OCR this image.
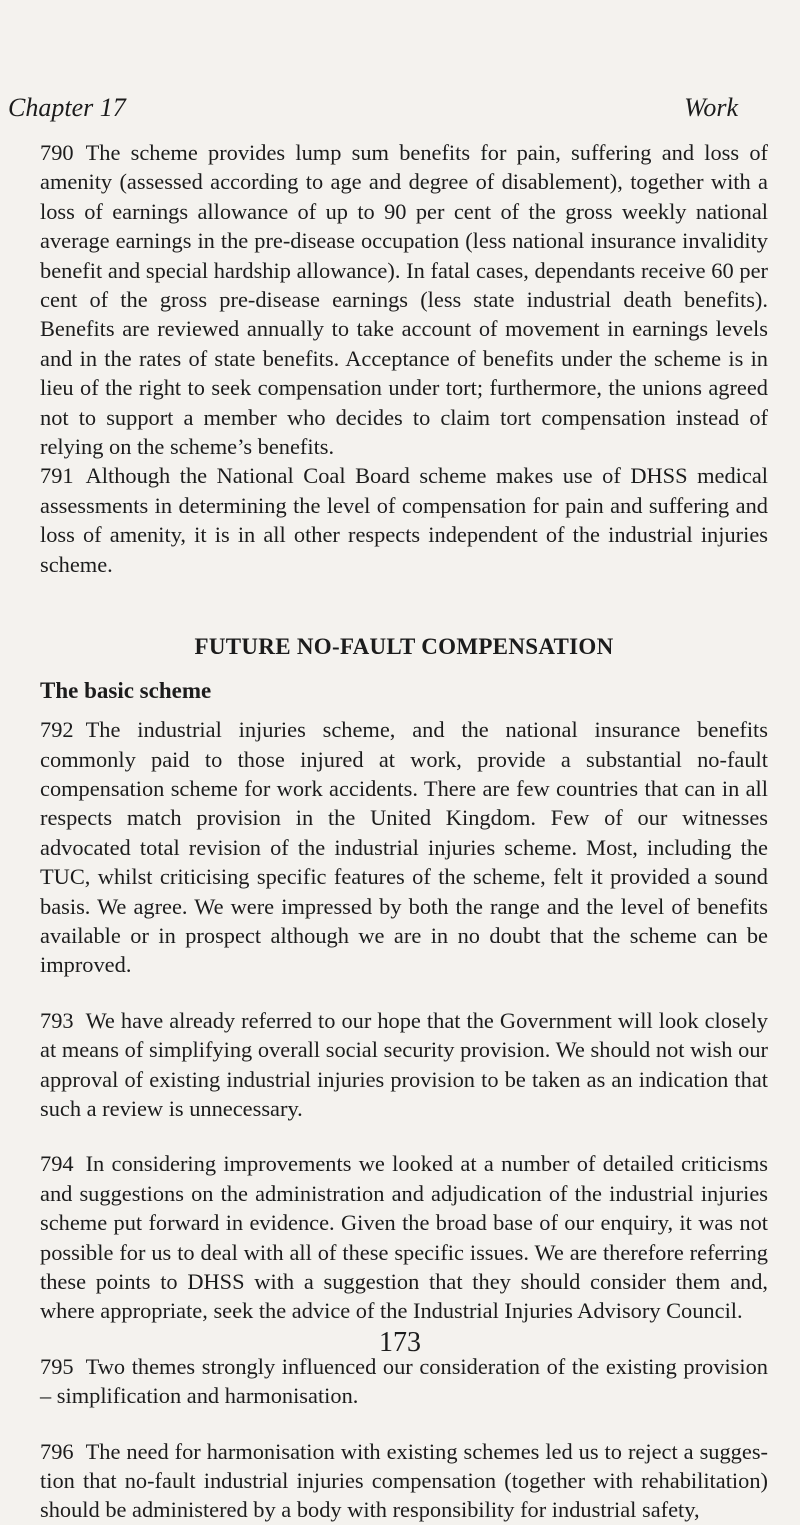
Chapter 17	Work

790 The scheme provides lump sum benefits for pain, suffering and loss of amenity (assessed according to age and degree of disablement), together with a loss of earnings allowance of up to 90 per cent of the gross weekly national average earnings in the pre-disease occupation (less national insurance invalidity benefit and special hardship allowance). In fatal cases, dependants receive 60 per cent of the gross pre-disease earnings (less state industrial death benefits). Benefits are reviewed annually to take account of movement in earnings levels and in the rates of state benefits. Acceptance of benefits under the scheme is in lieu of the right to seek compensation under tort; furthermore, the unions agreed not to support a member who decides to claim tort compensation instead of relying on the scheme’s benefits.

791 Although the National Coal Board scheme makes use of DHSS medical assessments in determining the level of compensation for pain and suffering and loss of amenity, it is in all other respects independent of the industrial injuries scheme.

FUTURE NO-FAULT COMPENSATION
The basic scheme

792 The industrial injuries scheme, and the national insurance benefits commonly paid to those injured at work, provide a substantial no-fault compensation scheme for work accidents. There are few countries that can in all respects match provision in the United Kingdom. Few of our witnesses advocated total revision of the industrial injuries scheme. Most, including the TUC, whilst criticising specific features of the scheme, felt it provided a sound basis. We agree. We were impressed by both the range and the level of benefits available or in prospect although we are in no doubt that the scheme can be improved.

793 We have already referred to our hope that the Government will look closely at means of simplifying overall social security provision. We should not wish our approval of existing industrial injuries provision to be taken as an indication that such a review is unnecessary.

794 In considering improvements we looked at a number of detailed criticisms and suggestions on the administration and adjudication of the industrial injuries scheme put forward in evidence. Given the broad base of our enquiry, it was not possible for us to deal with all of these specific issues. We are therefore referring these points to DHSS with a suggestion that they should consider them and, where appropriate, seek the advice of the Industrial Injuries Advisory Council.

795 Two themes strongly influenced our consideration of the existing provision – simplification and harmonisation.

796 The need for harmonisation with existing schemes led us to reject a sugges-tion that no-fault industrial injuries compensation (together with rehabilitation) should be administered by a body with responsibility for industrial safety,

173
